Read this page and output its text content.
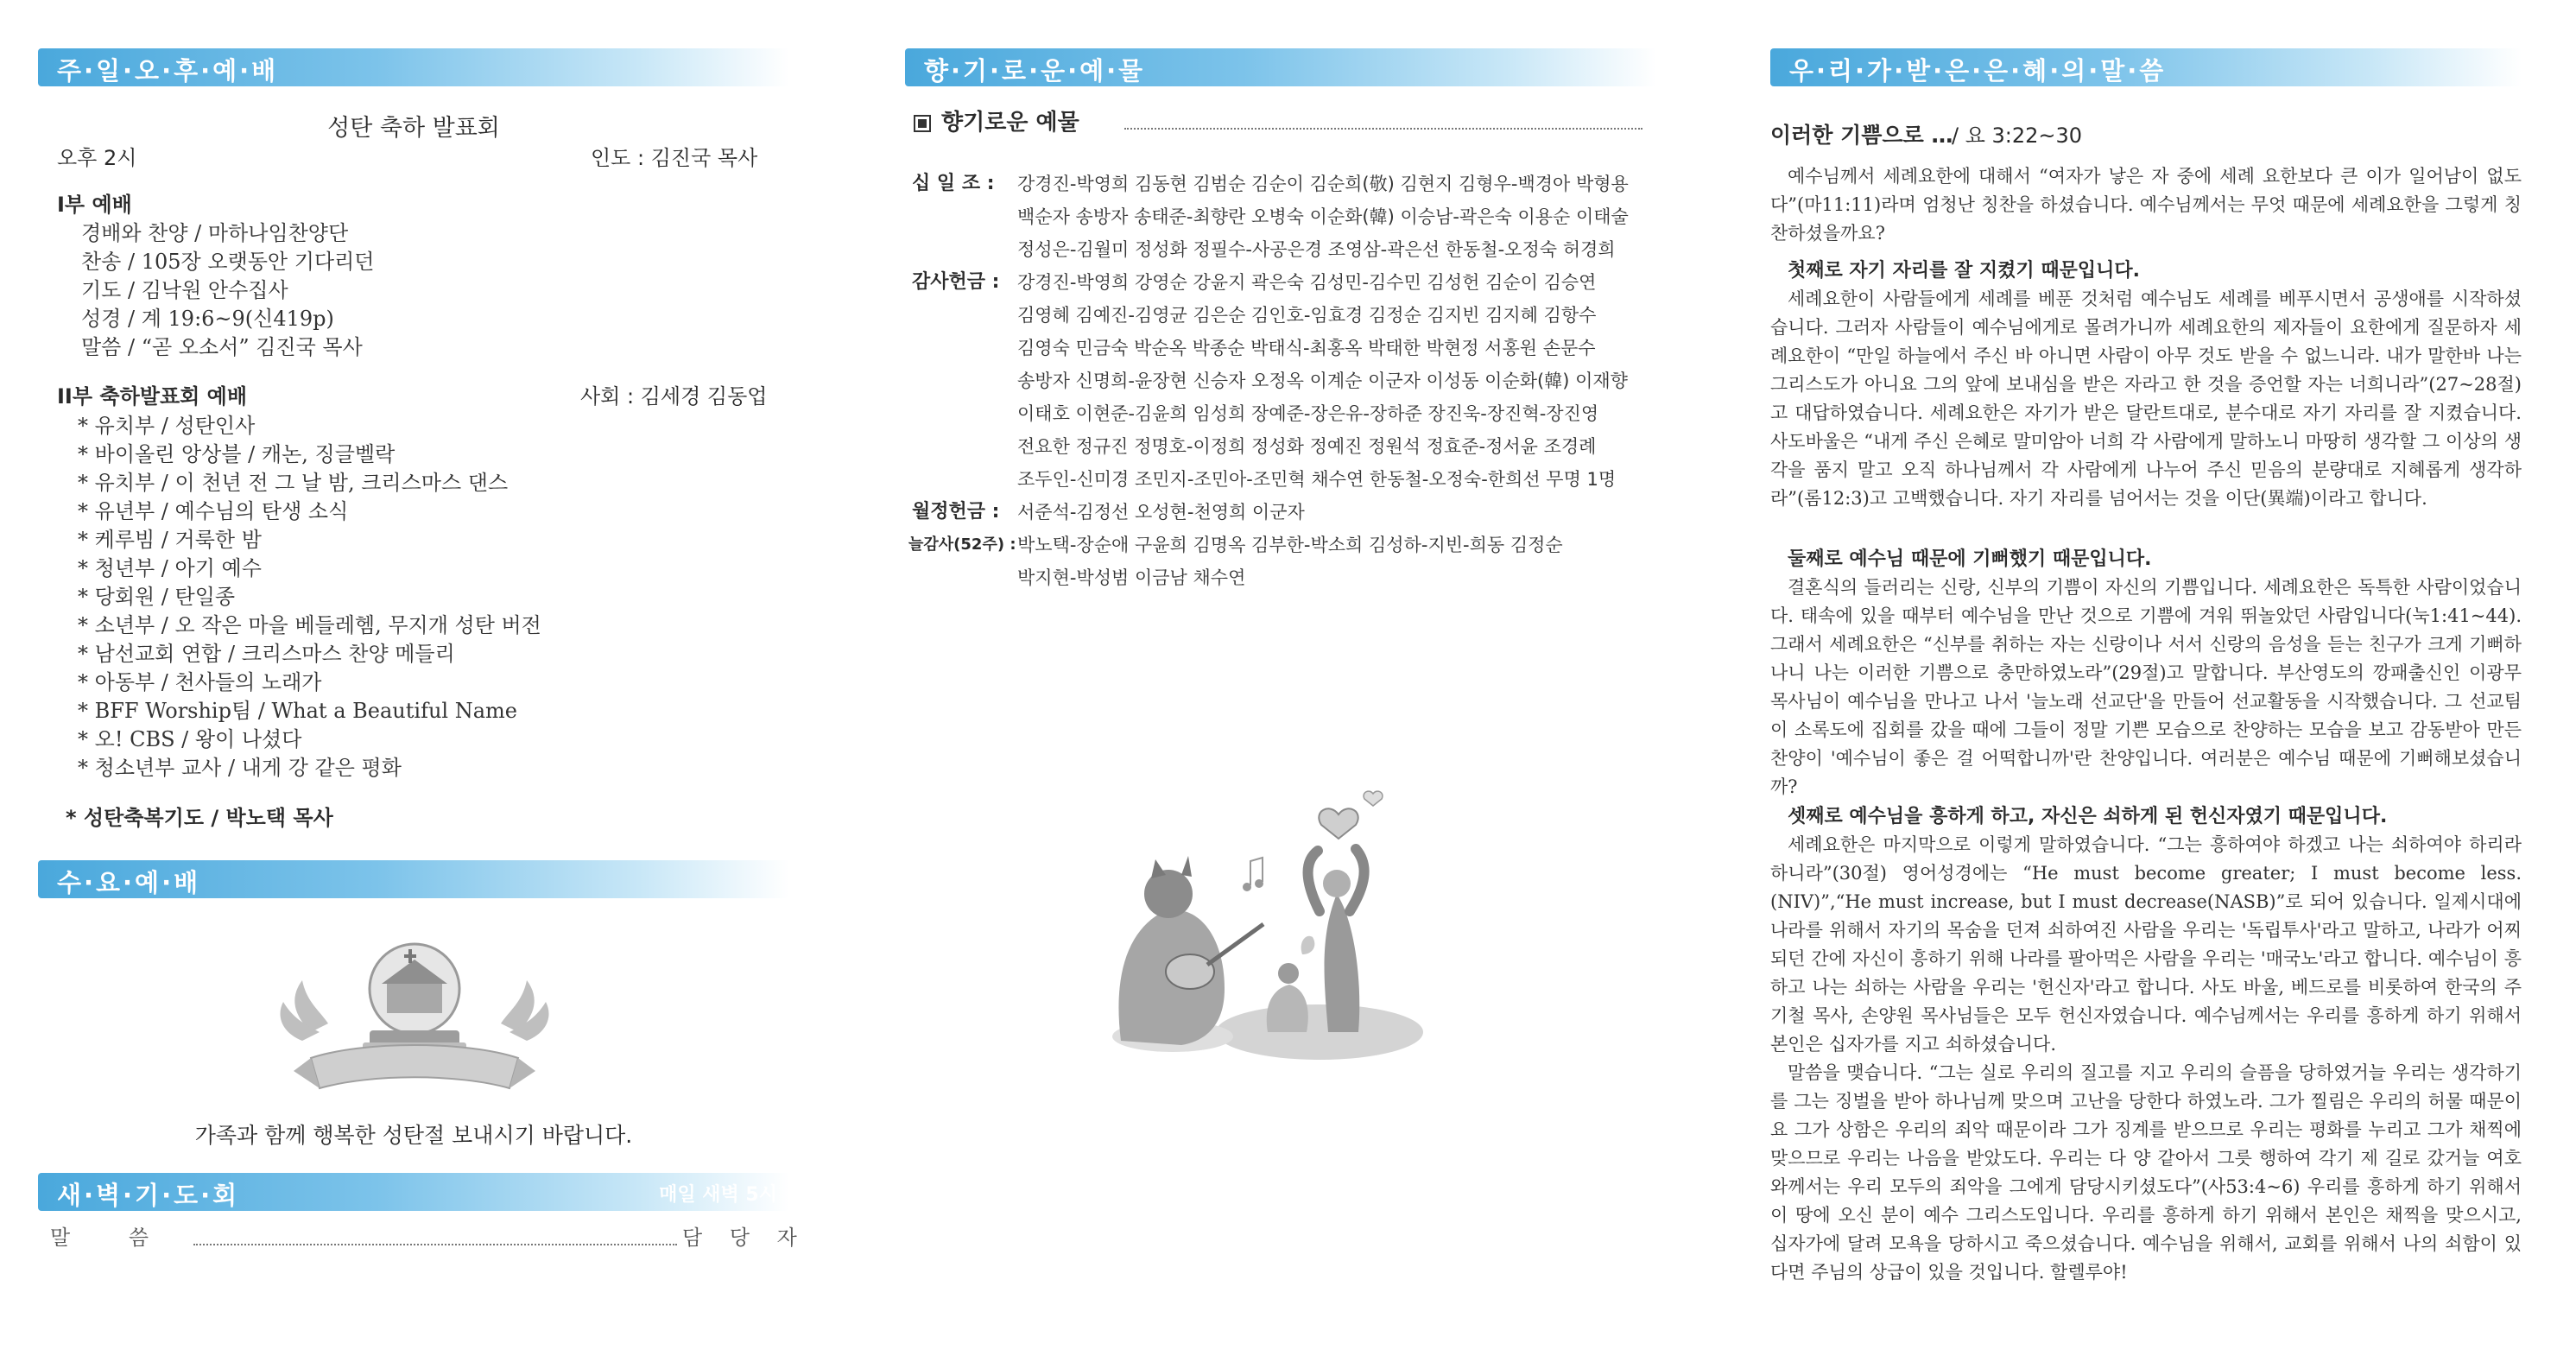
주·일·오·후·예·배
성탄 축하 발표회
오후 2시	인도 : 김진국 목사
I부 예배
경배와 찬양 / 마하나임찬양단
찬송 / 105장 오랫동안 기다리던
기도 / 김낙원 안수집사
성경 / 계 19:6~9(신419p)
말씀 / “곧 오소서” 김진국 목사
II부 축하발표회 예배	사회 : 김세경 김동업
* 유치부 / 성탄인사
* 바이올린 앙상블 / 캐논, 징글벨락
* 유치부 / 이 천년 전 그 날 밤, 크리스마스 댄스
* 유년부 / 예수님의 탄생 소식
* 케루빔 / 거룩한 밤
* 청년부 / 아기 예수
* 당회원 / 탄일종
* 소년부 / 오 작은 마을 베들레헴, 무지개 성탄 버전
* 남선교회 연합 / 크리스마스 찬양 메들리
* 아동부 / 천사들의 노래가
* BFF Worship팀 / What a Beautiful Name
* 오! CBS / 왕이 나셨다
* 청소년부 교사 / 내게 강 같은 평화
* 성탄축복기도 / 박노택 목사
수·요·예·배
가족과 함께 행복한 성탄절 보내시기 바랍니다.
새·벽·기·도·회	매일 새벽 5시
말 씀	담 당 자
향·기·로·운·예·물
향기로운 예물
십 일 조 :	강경진-박영희 김동현 김범순 김순이 김순희(敬) 김현지 김형우-백경아 박형용
백순자 송방자 송태준-최향란 오병숙 이순화(韓) 이승남-곽은숙 이용순 이태술
정성은-김월미 정성화 정필수-사공은경 조영삼-곽은선 한동철-오정숙 허경희
감사헌금 : 강경진-박영희 강영순 강윤지 곽은숙 김성민-김수민 김성헌 김순이 김승연
김영혜 김예진-김영균 김은순 김인호-임효경 김정순 김지빈 김지혜 김항수
김영숙 민금숙 박순옥 박종순 박태식-최홍옥 박태한 박현정 서홍원 손문수
송방자 신명희-윤장현 신승자 오정옥 이계순 이군자 이성동 이순화(韓) 이재향
이태호 이현준-김윤희 임성희 장예준-장은유-장하준 장진욱-장진혁-장진영
전요한 정규진 정명호-이정희 정성화 정예진 정원석 정효준-정서윤 조경례
조두인-신미경 조민지-조민아-조민혁 채수연 한동철-오정숙-한희선 무명 1명
월정헌금 : 서준석-김정선 오성현-천영희 이군자
늘감사(52주) : 박노택-장순애 구윤희 김명옥 김부한-박소희 김성하-지빈-희동 김정순
박지현-박성범 이금남 채수연
우·리·가·받·은·은·혜·의·말·씀
이러한 기쁨으로 …
/ 요 3:22~30
예수님께서 세례요한에 대해서 “여자가 낳은 자 중에 세례 요한보다 큰 이가 일어남이 없도다”(마11:11)라며 엄청난 칭찬을 하셨습니다. 예수님께서는 무엇 때문에 세례요한을 그렇게 칭찬하셨을까요?
첫째로 자기 자리를 잘 지켰기 때문입니다.
세례요한이 사람들에게 세례를 베푼 것처럼 예수님도 세례를 베푸시면서 공생애를 시작하셨습니다. 그러자 사람들이 예수님에게로 몰려가니까 세례요한의 제자들이 요한에게 질문하자 세례요한이 “만일 하늘에서 주신 바 아니면 사람이 아무 것도 받을 수 없느니라. 내가 말한바 나는 그리스도가 아니요 그의 앞에 보내심을 받은 자라고 한 것을 증언할 자는 너희니라”(27~28절)고 대답하였습니다. 세례요한은 자기가 받은 달란트대로, 분수대로 자기 자리를 잘 지켰습니다. 사도바울은 “내게 주신 은혜로 말미암아 너희 각 사람에게 말하노니 마땅히 생각할 그 이상의 생각을 품지 말고 오직 하나님께서 각 사람에게 나누어 주신 믿음의 분량대로 지혜롭게 생각하라”(롬12:3)고 고백했습니다. 자기 자리를 넘어서는 것을 이단(異端)이라고 합니다.
둘째로 예수님 때문에 기뻐했기 때문입니다.
결혼식의 들러리는 신랑, 신부의 기쁨이 자신의 기쁨입니다. 세례요한은 독특한 사람이었습니다. 태속에 있을 때부터 예수님을 만난 것으로 기쁨에 겨워 뛰놀았던 사람입니다(눅1:41~44). 그래서 세례요한은 “신부를 취하는 자는 신랑이나 서서 신랑의 음성을 듣는 친구가 크게 기뻐하나니 나는 이러한 기쁨으로 충만하였노라”(29절)고 말합니다. 부산영도의 깡패출신인 이광무 목사님이 예수님을 만나고 나서 '늘노래 선교단'을 만들어 선교활동을 시작했습니다. 그 선교팀이 소록도에 집회를 갔을 때에 그들이 정말 기쁜 모습으로 찬양하는 모습을 보고 감동받아 만든 찬양이 '예수님이 좋은 걸 어떡합니까'란 찬양입니다. 여러분은 예수님 때문에 기뻐해보셨습니까?
셋째로 예수님을 흥하게 하고, 자신은 쇠하게 된 헌신자였기 때문입니다.
세례요한은 마지막으로 이렇게 말하였습니다. “그는 흥하여야 하겠고 나는 쇠하여야 하리라 하니라”(30절) 영어성경에는 “He must become greater; I must become less.(NIV)”,“He must increase, but I must decrease(NASB)”로 되어 있습니다. 일제시대에 나라를 위해서 자기의 목숨을 던져 쇠하여진 사람을 우리는 '독립투사'라고 말하고, 나라가 어찌되던 간에 자신이 흥하기 위해 나라를 팔아먹은 사람을 우리는 '매국노'라고 합니다. 예수님이 흥하고 나는 쇠하는 사람을 우리는 '헌신자'라고 합니다. 사도 바울, 베드로를 비롯하여 한국의 주기철 목사, 손양원 목사님들은 모두 헌신자였습니다. 예수님께서는 우리를 흥하게 하기 위해서 본인은 십자가를 지고 쇠하셨습니다.
말씀을 맺습니다. “그는 실로 우리의 질고를 지고 우리의 슬픔을 당하였거늘 우리는 생각하기를 그는 징벌을 받아 하나님께 맞으며 고난을 당한다 하였노라. 그가 찔림은 우리의 허물 때문이요 그가 상함은 우리의 죄악 때문이라 그가 징계를 받으므로 우리는 평화를 누리고 그가 채찍에 맞으므로 우리는 나음을 받았도다. 우리는 다 양 같아서 그릇 행하여 각기 제 길로 갔거늘 여호와께서는 우리 모두의 죄악을 그에게 담당시키셨도다”(사53:4~6) 우리를 흥하게 하기 위해서 이 땅에 오신 분이 예수 그리스도입니다. 우리를 흥하게 하기 위해서 본인은 채찍을 맞으시고, 십자가에 달려 모욕을 당하시고 죽으셨습니다. 예수님을 위해서, 교회를 위해서 나의 쇠함이 있다면 주님의 상급이 있을 것입니다. 할렐루야!
